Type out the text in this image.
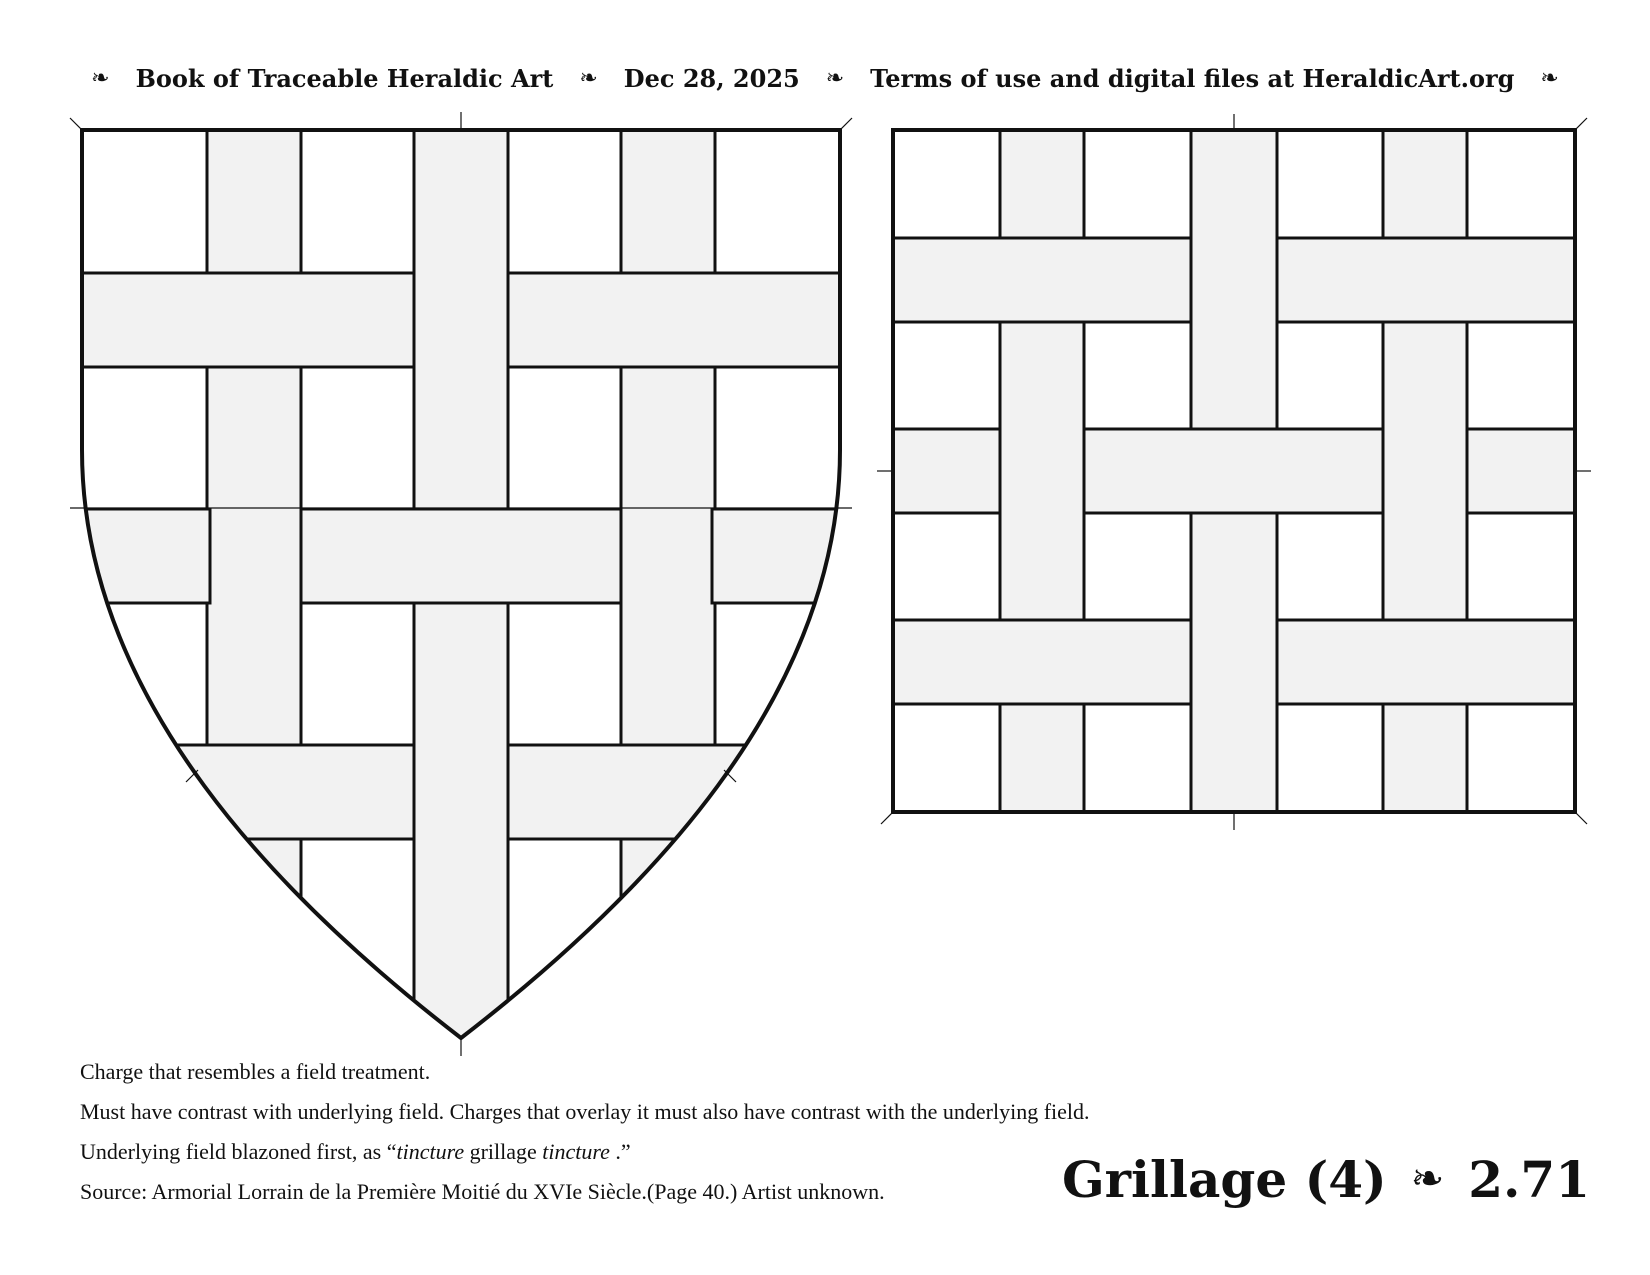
❧ Book of Traceable Heraldic Art ❧ Dec 28, 2025 ❧ Terms of use and digital files at HeraldicArt.org ❧
Charge that resembles a field treatment.
Must have contrast with underlying field. Charges that overlay it must also have contrast with the underlying field.
Underlying field blazoned first, as “tincture grillage tincture .”
Source: Armorial Lorrain de la Première Moitié du XVIe Siècle.(Page 40.) Artist unknown.	Grillage (4) ❧ 2.71
